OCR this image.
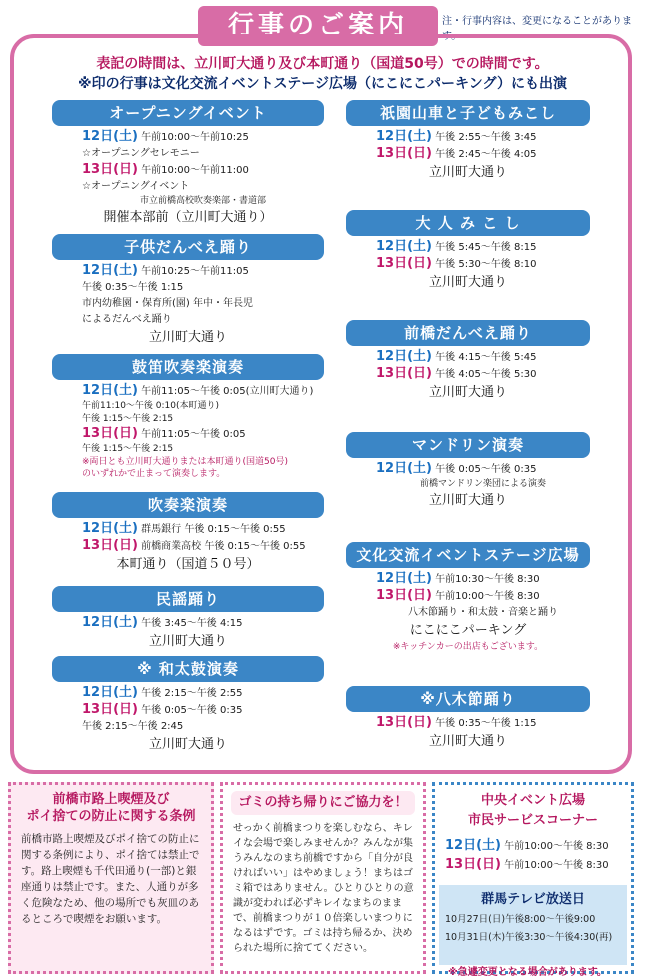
行事のご案内	注・行事内容は、変更になることがあります。
表記の時間は、立川町大通り及び本町通り（国道50号）での時間です。
※印の行事は文化交流イベントステージ広場（にこにこパーキング）にも出演
オープニングイベント
12日(土) 午前10:00～午前10:25
☆オープニングセレモニー
13日(日) 午前10:00～午前11:00
☆オープニングイベント
市立前橋高校吹奏楽部・書道部
開催本部前（立川町大通り）
子供だんべえ踊り
12日(土) 午前10:25～午前11:05
午後 0:35～午後 1:15
市内幼稚園・保育所(園) 年中・年長児
によるだんべえ踊り
立川町大通り
鼓笛吹奏楽演奏
12日(土) 午前11:05～午後 0:05(立川町大通り)
午前11:10～午後 0:10(本町通り)
午後 1:15～午後 2:15
13日(日) 午前11:05～午後 0:05
午後 1:15～午後 2:15
※両日とも立川町大通りまたは本町通り(国道50号)
のいずれかで止まって演奏します。
吹奏楽演奏
12日(土) 群馬銀行 午後 0:15～午後 0:55
13日(日) 前橋商業高校 午後 0:15～午後 0:55
本町通り（国道５０号）
民謡踊り
12日(土) 午後 3:45～午後 4:15
立川町大通り
※ 和太鼓演奏
12日(土) 午後 2:15～午後 2:55
13日(日) 午後 0:05～午後 0:35
午後 2:15～午後 2:45
立川町大通り
祇園山車と子どもみこし
12日(土) 午後 2:55～午後 3:45
13日(日) 午後 2:45～午後 4:05
立川町大通り
大 人 み こ し
12日(土) 午後 5:45～午後 8:15
13日(日) 午後 5:30～午後 8:10
立川町大通り
前橋だんべえ踊り
12日(土) 午後 4:15～午後 5:45
13日(日) 午後 4:05～午後 5:30
立川町大通り
マンドリン演奏
12日(土) 午後 0:05～午後 0:35
前橋マンドリン楽団による演奏
立川町大通り
文化交流イベントステージ広場
12日(土) 午前10:30～午後 8:30
13日(日) 午前10:00～午後 8:30
八木節踊り・和太鼓・音楽と踊り
にこにこパーキング
※キッチンカーの出店もございます。
※八木節踊り
13日(日) 午後 0:35～午後 1:15
立川町大通り
前橋市路上喫煙及び
ポイ捨ての防止に関する条例
前橋市路上喫煙及びポイ捨ての防止に関する条例により、ポイ捨ては禁止です。路上喫煙も千代田通り(一部)と銀座通りは禁止です。また、人通りが多く危険なため、他の場所でも灰皿のあるところで喫煙をお願います。
ゴミの持ち帰りにご協力を！
せっかく前橋まつりを楽しむなら、キレイな会場で楽しみませんか？みんなが集うみんなのまち前橋ですから「自分が良ければいい」はやめましょう！まちはゴミ箱ではありません。ひとりひとりの意識が変われば必ずキレイなまちのままで、前橋まつりが１０倍楽しいまつりになるはずです。ゴミは持ち帰るか、決められた場所に捨ててください。
中央イベント広場
市民サービスコーナー
12日(土) 午前10:00～午後 8:30
13日(日) 午前10:00～午後 8:30
群馬テレビ放送日
10月27日(日)午後8:00～午後9:00
10月31日(木)午後3:30～午後4:30(再)
※急遽変更となる場合があります。
